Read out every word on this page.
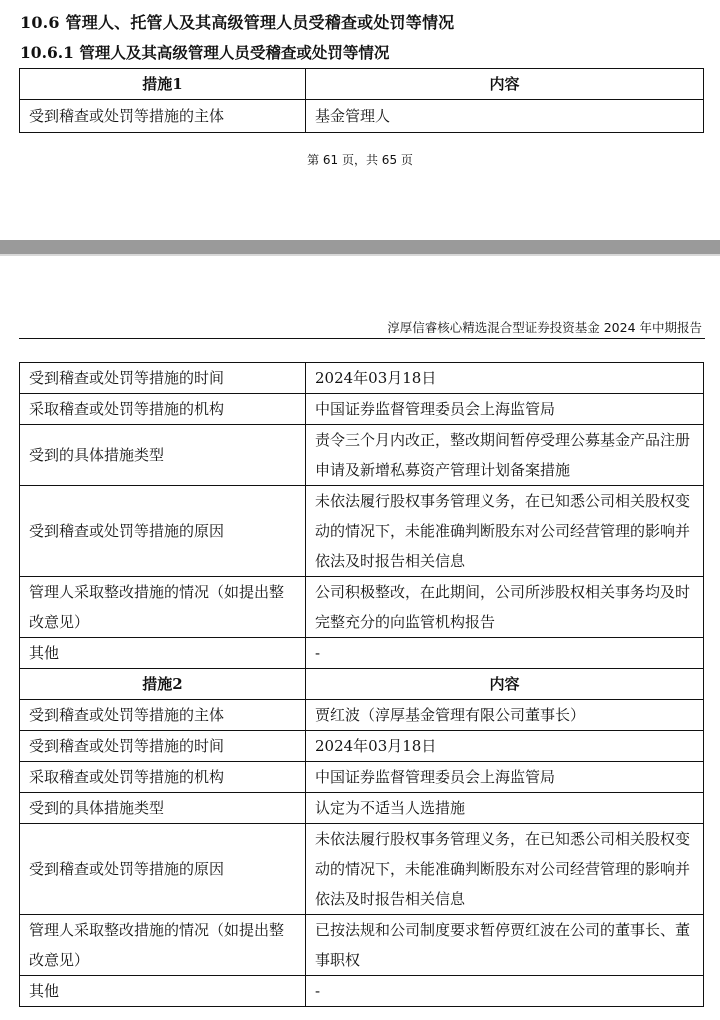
10.6 管理人、托管人及其高级管理人员受稽查或处罚等情况
10.6.1 管理人及其高级管理人员受稽查或处罚等情况
措施1	内容
受到稽查或处罚等措施的主体	基金管理人
第 61 页，共 65 页
淳厚信睿核心精选混合型证券投资基金 2024 年中期报告
受到稽查或处罚等措施的时间	2024年03月18日
采取稽查或处罚等措施的机构	中国证券监督管理委员会上海监管局
受到的具体措施类型	责令三个月内改正，整改期间暂停受理公募基金产品注册申请及新增私募资产管理计划备案措施
受到稽查或处罚等措施的原因	未依法履行股权事务管理义务，在已知悉公司相关股权变动的情况下，未能准确判断股东对公司经营管理的影响并依法及时报告相关信息
管理人采取整改措施的情况（如提出整改意见）	公司积极整改，在此期间，公司所涉股权相关事务均及时完整充分的向监管机构报告
其他	-
措施2	内容
受到稽查或处罚等措施的主体	贾红波（淳厚基金管理有限公司董事长）
受到稽查或处罚等措施的时间	2024年03月18日
采取稽查或处罚等措施的机构	中国证券监督管理委员会上海监管局
受到的具体措施类型	认定为不适当人选措施
受到稽查或处罚等措施的原因	未依法履行股权事务管理义务，在已知悉公司相关股权变动的情况下，未能准确判断股东对公司经营管理的影响并依法及时报告相关信息
管理人采取整改措施的情况（如提出整改意见）	已按法规和公司制度要求暂停贾红波在公司的董事长、董事职权
其他	-
